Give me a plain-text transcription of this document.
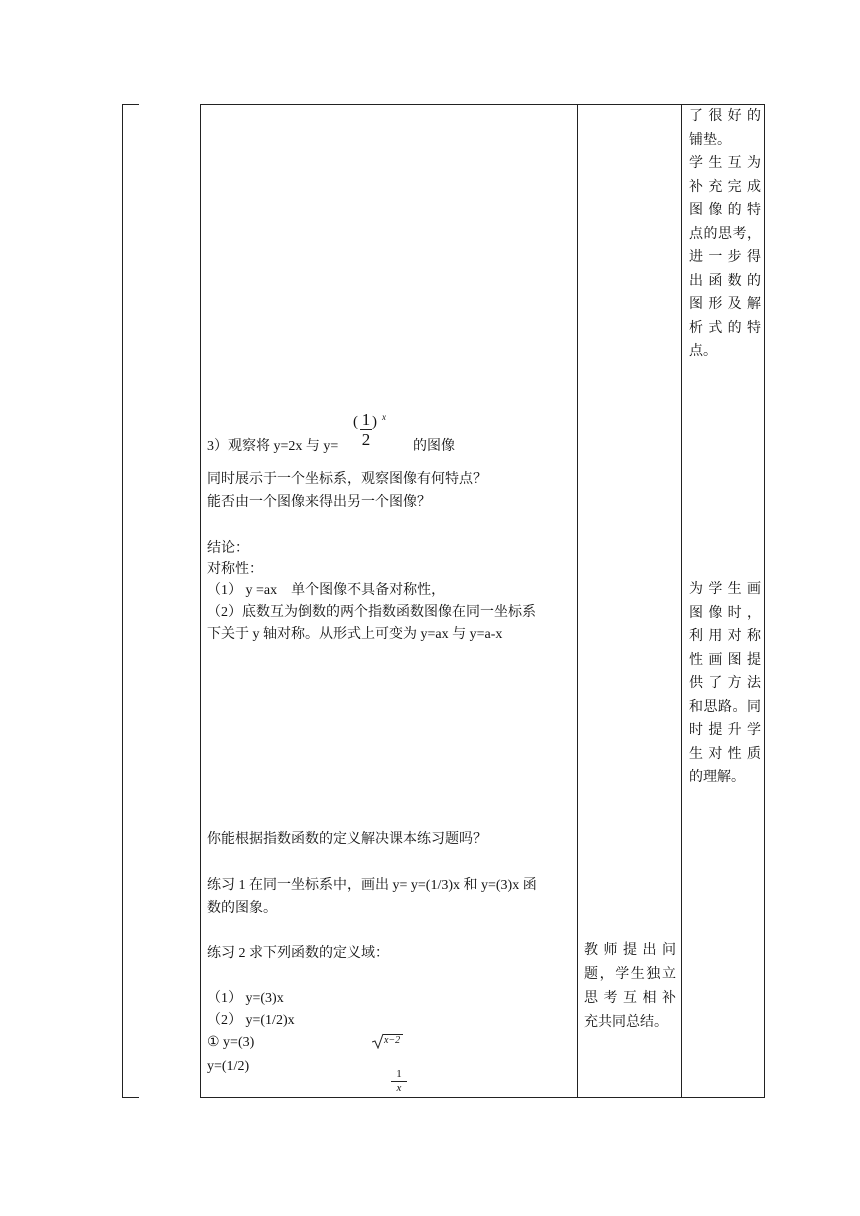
了很好的
铺垫。
学生互为
补充完成
图像的特
点的思考，
进一步得
出函数的
图形及解
析式的特
点。
为学生画
图像时，
利用对称
性画图提
供了方法
和思路。同
时提升学
生对性质
的理解。
教师提出问
题，学生独立
思考互相补
充共同总结。
3）观察将 y=2x 与 y=
( 1
2
) x
的图像
同时展示于一个坐标系，观察图像有何特点？
能否由一个图像来得出另一个图像？
结论：
对称性：
（1） y =ax　单个图像不具备对称性，
（2）底数互为倒数的两个指数函数图像在同一坐标系
下关于 y 轴对称。从形式上可变为 y=ax 与 y=a-x
你能根据指数函数的定义解决课本练习题吗？
练习 1 在同一坐标系中，画出 y= y=(1/3)x 和 y=(3)x 函
数的图象。
练习 2 求下列函数的定义域：
（1） y=(3)x
（2） y=(1/2)x
① y=(3)	x−2
y=(1/2)	1
x
